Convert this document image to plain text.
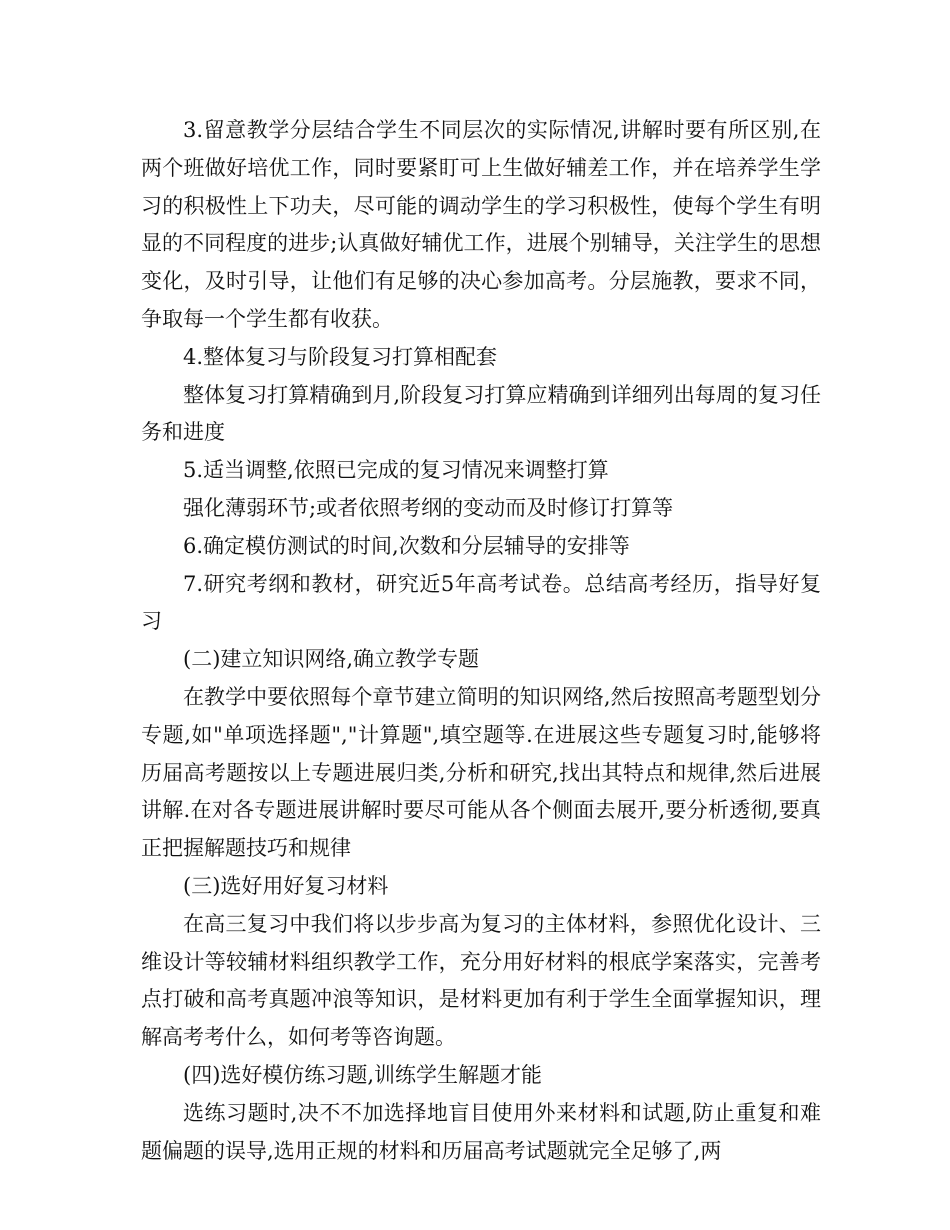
3.留意教学分层结合学生不同层次的实际情况,讲解时要有所区别,在两个班做好培优工作，同时要紧盯可上生做好辅差工作，并在培养学生学习的积极性上下功夫，尽可能的调动学生的学习积极性，使每个学生有明显的不同程度的进步;认真做好辅优工作，进展个别辅导，关注学生的思想变化，及时引导，让他们有足够的决心参加高考。分层施教，要求不同，争取每一个学生都有收获。

4.整体复习与阶段复习打算相配套

整体复习打算精确到月,阶段复习打算应精确到详细列出每周的复习任务和进度

5.适当调整,依照已完成的复习情况来调整打算

强化薄弱环节;或者依照考纲的变动而及时修订打算等

6.确定模仿测试的时间,次数和分层辅导的安排等

7.研究考纲和教材，研究近5年高考试卷。总结高考经历，指导好复习

(二)建立知识网络,确立教学专题

在教学中要依照每个章节建立简明的知识网络,然后按照高考题型划分专题,如"单项选择题","计算题",填空题等.在进展这些专题复习时,能够将历届高考题按以上专题进展归类,分析和研究,找出其特点和规律,然后进展讲解.在对各专题进展讲解时要尽可能从各个侧面去展开,要分析透彻,要真正把握解题技巧和规律

(三)选好用好复习材料

在高三复习中我们将以步步高为复习的主体材料，参照优化设计、三维设计等较辅材料组织教学工作，充分用好材料的根底学案落实，完善考点打破和高考真题冲浪等知识，是材料更加有利于学生全面掌握知识，理解高考考什么，如何考等咨询题。

(四)选好模仿练习题,训练学生解题才能

选练习题时,决不不加选择地盲目使用外来材料和试题,防止重复和难题偏题的误导,选用正规的材料和历届高考试题就完全足够了,两
